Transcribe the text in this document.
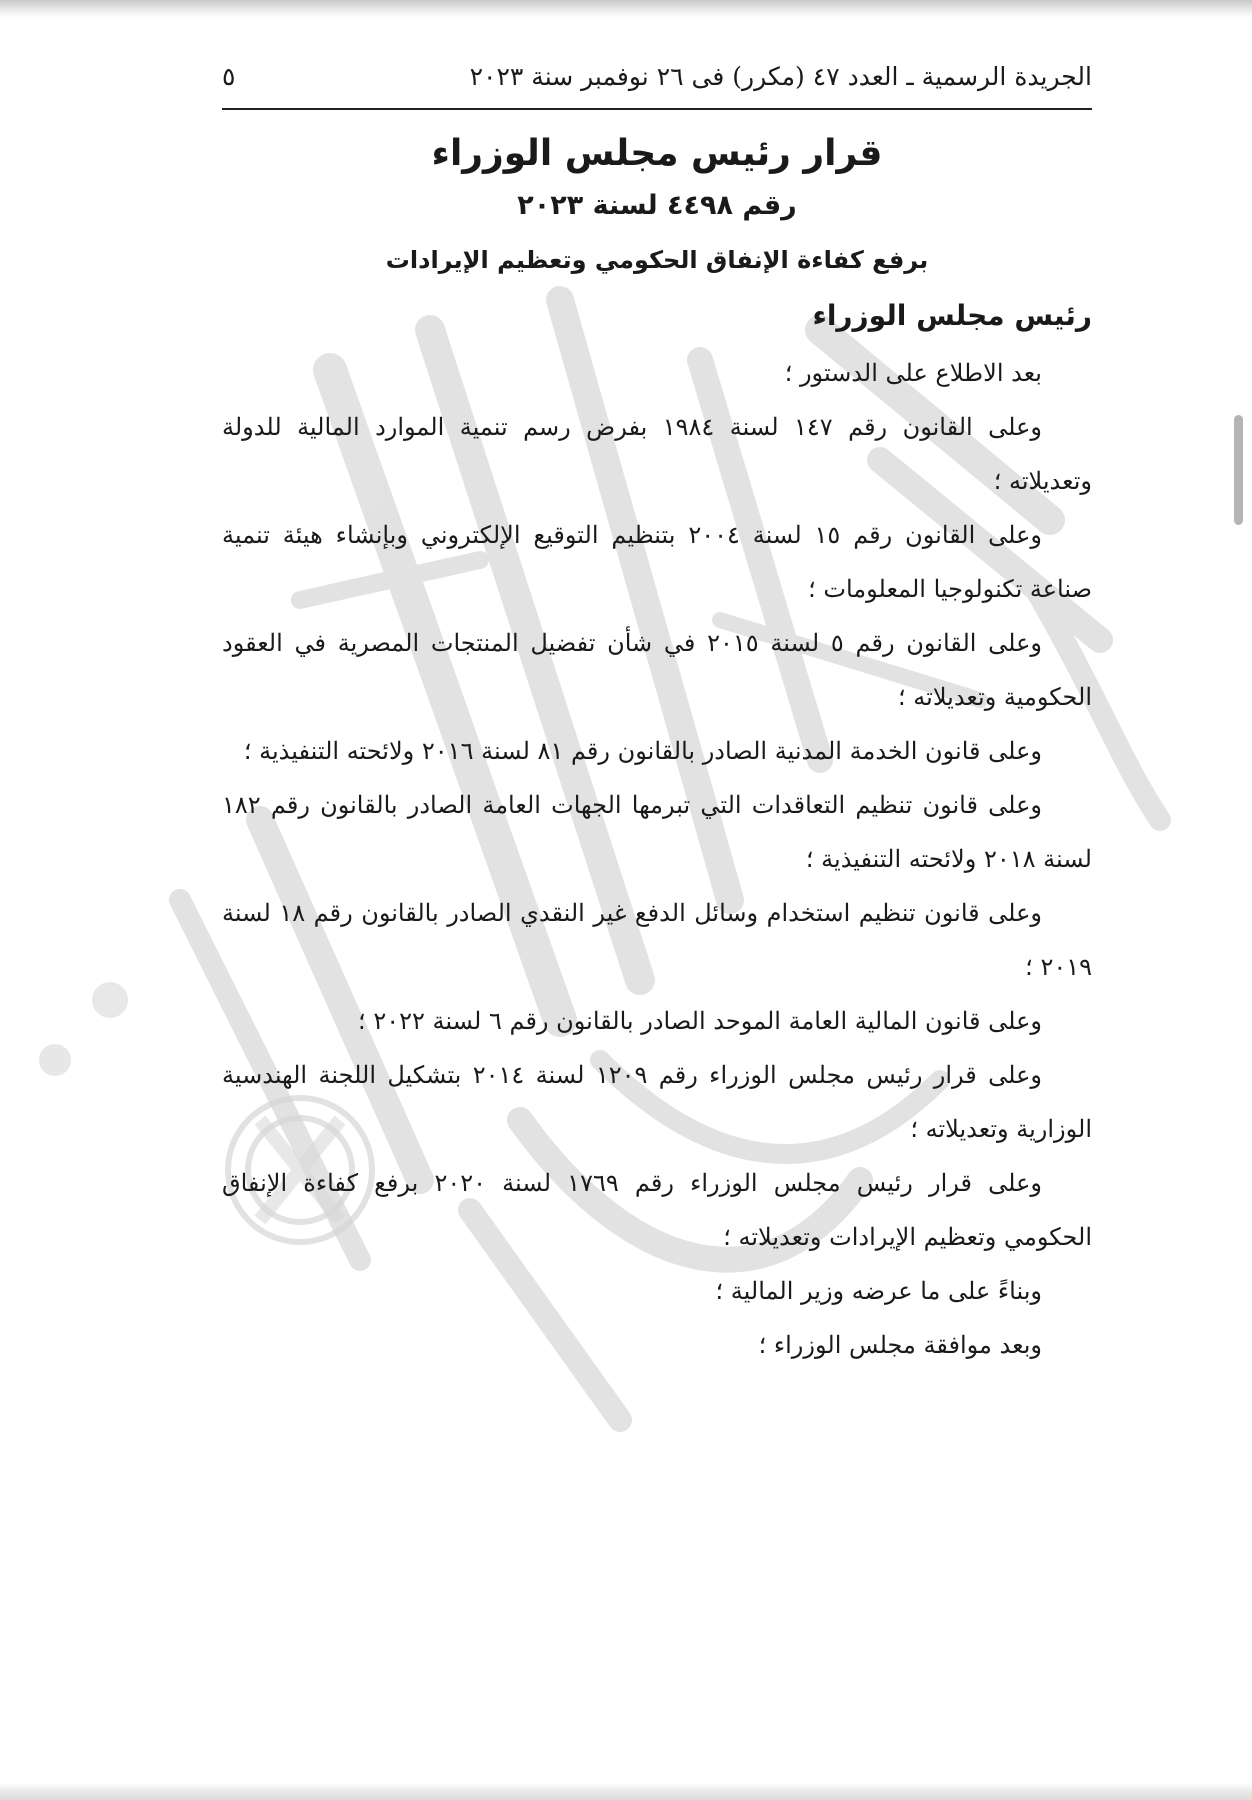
الجريدة الرسمية ـ العدد ٤٧ (مكرر) فى ٢٦ نوفمبر سنة ٢٠٢٣
٥
قرار رئيس مجلس الوزراء
رقم ٤٤٩٨ لسنة ٢٠٢٣
برفع كفاءة الإنفاق الحكومي وتعظيم الإيرادات
رئيس مجلس الوزراء

بعد الاطلاع على الدستور ؛

وعلى القانون رقم ١٤٧ لسنة ١٩٨٤ بفرض رسم تنمية الموارد المالية للدولة وتعديلاته ؛

وعلى القانون رقم ١٥ لسنة ٢٠٠٤ بتنظيم التوقيع الإلكتروني وبإنشاء هيئة تنمية صناعة تكنولوجيا المعلومات ؛

وعلى القانون رقم ٥ لسنة ٢٠١٥ في شأن تفضيل المنتجات المصرية في العقود الحكومية وتعديلاته ؛

وعلى قانون الخدمة المدنية الصادر بالقانون رقم ٨١ لسنة ٢٠١٦ ولائحته التنفيذية ؛

وعلى قانون تنظيم التعاقدات التي تبرمها الجهات العامة الصادر بالقانون رقم ١٨٢ لسنة ٢٠١٨ ولائحته التنفيذية ؛

وعلى قانون تنظيم استخدام وسائل الدفع غير النقدي الصادر بالقانون رقم ١٨ لسنة ٢٠١٩ ؛

وعلى قانون المالية العامة الموحد الصادر بالقانون رقم ٦ لسنة ٢٠٢٢ ؛

وعلى قرار رئيس مجلس الوزراء رقم ١٢٠٩ لسنة ٢٠١٤ بتشكيل اللجنة الهندسية الوزارية وتعديلاته ؛

وعلى قرار رئيس مجلس الوزراء رقم ١٧٦٩ لسنة ٢٠٢٠ برفع كفاءة الإنفاق الحكومي وتعظيم الإيرادات وتعديلاته ؛

وبناءً على ما عرضه وزير المالية ؛

وبعد موافقة مجلس الوزراء ؛
